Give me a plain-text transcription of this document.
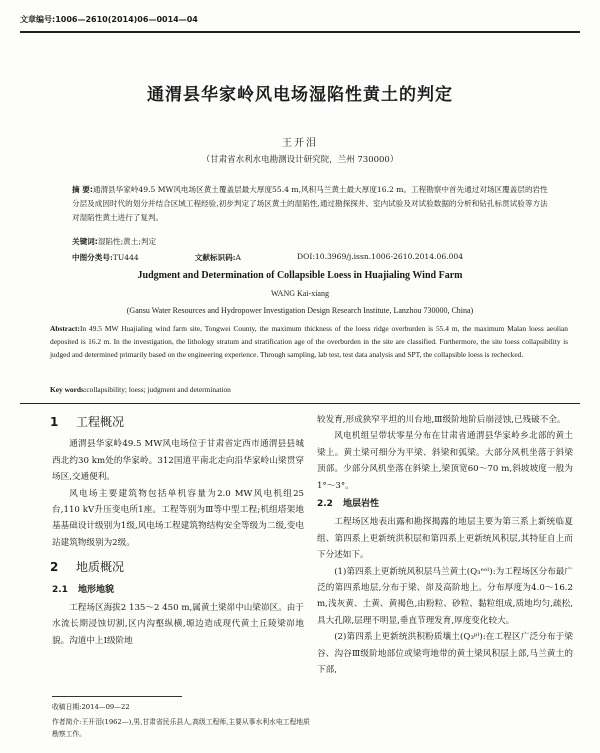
文章编号:1006—2610(2014)06—0014—04
通渭县华家岭风电场湿陷性黄土的判定
王开泪
（甘肃省水利水电勘测设计研究院，兰州 730000）
摘 要:通渭县华家岭49.5 MW风电场区黄土覆盖层最大厚度55.4 m,风积马兰黄土最大厚度16.2 m。工程勘察中首先通过对场区覆盖层的岩性分层及成因时代的划分并结合区域工程经验,初步判定了场区黄土的湿陷性,通过勘探探井、室内试验及对试验数据的分析和钻孔标贯试验等方法对湿陷性黄土进行了复判。
关键词:湿陷性;黄土;判定
中图分类号:TU444	文献标识码:A	DOI:10.3969/j.issn.1006-2610.2014.06.004
Judgment and Determination of Collapsible Loess in Huajialing Wind Farm
WANG Kai-xiang
(Gansu Water Resources and Hydropower Investigation Design Research Institute, Lanzhou 730000, China)
Abstract:In 49.5 MW Huajialing wind farm site, Tongwei County, the maximum thickness of the loess ridge overburden is 55.4 m, the maximum Malan loess aeolian deposited is 16.2 m. In the investigation, the lithology stratum and stratification age of the overburden in the site are classified. Furthermore, the site loess collapsibility is judged and determined primarily based on the engineering experience. Through sampling, lab test, test data analysis and SPT, the collapsible loess is rechecked.
Key words:collapsibility; loess; judgment and determination

1 工程概况

通渭县华家岭49.5 MW风电场位于甘肃省定西市通渭县县城西北约30 km处的华家岭。312国道平南北走向沿华家岭山梁贯穿场区,交通便利。

风电场主要建筑物包括单机容量为2.0 MW风电机组25台,110 kV升压变电所1座。工程等别为Ⅲ等中型工程;机组塔架地基基础设计级别为1级,风电场工程建筑物结构安全等级为二级,变电站建筑物级别为2级。

2 地质概况

2.1 地形地貌

工程场区海拔2 135～2 450 m,属黄土梁峁中山梁峁区。由于水流长期浸蚀切割,区内沟壑纵横,塬边造成现代黄土丘陵梁峁地貌。沟道中上Ⅰ级阶地

收稿日期:2014—09—22
作者简介:王开泪(1962—),男,甘肃省民乐县人,高级工程师,主要从事水利水电工程地质勘察工作。

较发育,形成狭窄平坦的川台地,Ⅲ级阶地阶后崩浸蚀,已残破不全。

风电机组呈带状零星分布在甘肃省通渭县华家岭乡北部的黄土梁上。黄土梁可细分为平梁、斜梁和弧梁。大部分风机坐落于斜梁顶部。少部分风机坐落在斜梁上,梁顶宽60～70 m,斜坡坡度一般为1°～3°。

2.2 地层岩性

工程场区地表出露和勘探揭露的地层主要为第三系上新统临夏组、第四系上更新统洪积层和第四系上更新统风积层,其特征自上而下分述如下。

(1)第四系上更新统风积层马兰黄土(Q₃ᵉᵒˡ):为工程场区分布最广泛的第四系地层,分布于梁、峁及高阶地上。分布厚度为4.0～16.2 m,浅灰黄、土黄、黄褐色,由粉粒、砂粒、黏粒组成,质地均匀,疏松,具大孔隙,层理不明显,垂直节理发育,厚度变化较大。

(2)第四系上更新统洪积粉质壤土(Q₃ᵖˡ):在工程区广泛分布于梁谷、沟谷Ⅲ级阶地部位或梁弯地带的黄土梁风积层上部,马兰黄土的下部,
